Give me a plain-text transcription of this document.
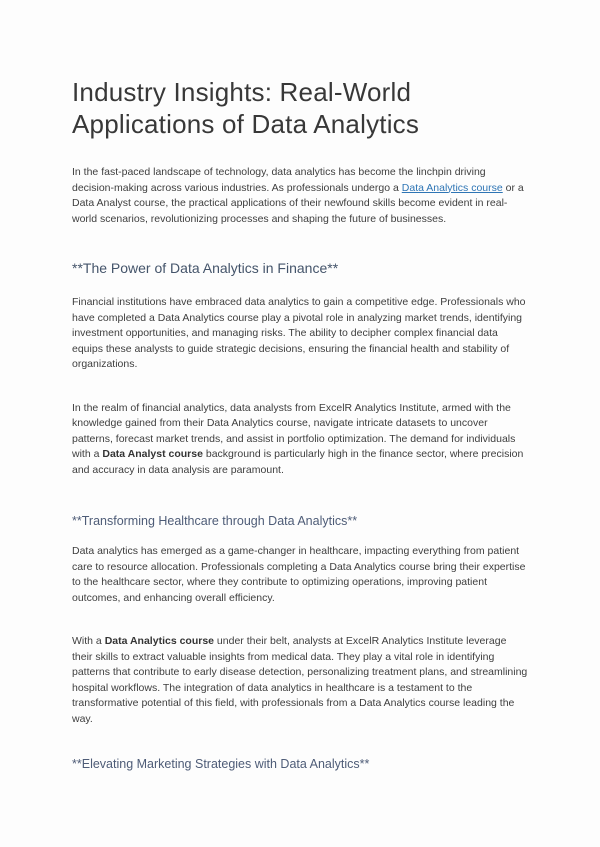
Industry Insights: Real-World Applications of Data Analytics

In the fast-paced landscape of technology, data analytics has become the linchpin driving decision-making across various industries. As professionals undergo a Data Analytics course or a Data Analyst course, the practical applications of their newfound skills become evident in real-world scenarios, revolutionizing processes and shaping the future of businesses.

**The Power of Data Analytics in Finance**

Financial institutions have embraced data analytics to gain a competitive edge. Professionals who have completed a Data Analytics course play a pivotal role in analyzing market trends, identifying investment opportunities, and managing risks. The ability to decipher complex financial data equips these analysts to guide strategic decisions, ensuring the financial health and stability of organizations.

In the realm of financial analytics, data analysts from ExcelR Analytics Institute, armed with the knowledge gained from their Data Analytics course, navigate intricate datasets to uncover patterns, forecast market trends, and assist in portfolio optimization. The demand for individuals with a Data Analyst course background is particularly high in the finance sector, where precision and accuracy in data analysis are paramount.

**Transforming Healthcare through Data Analytics**

Data analytics has emerged as a game-changer in healthcare, impacting everything from patient care to resource allocation. Professionals completing a Data Analytics course bring their expertise to the healthcare sector, where they contribute to optimizing operations, improving patient outcomes, and enhancing overall efficiency.

With a Data Analytics course under their belt, analysts at ExcelR Analytics Institute leverage their skills to extract valuable insights from medical data. They play a vital role in identifying patterns that contribute to early disease detection, personalizing treatment plans, and streamlining hospital workflows. The integration of data analytics in healthcare is a testament to the transformative potential of this field, with professionals from a Data Analytics course leading the way.

**Elevating Marketing Strategies with Data Analytics**
